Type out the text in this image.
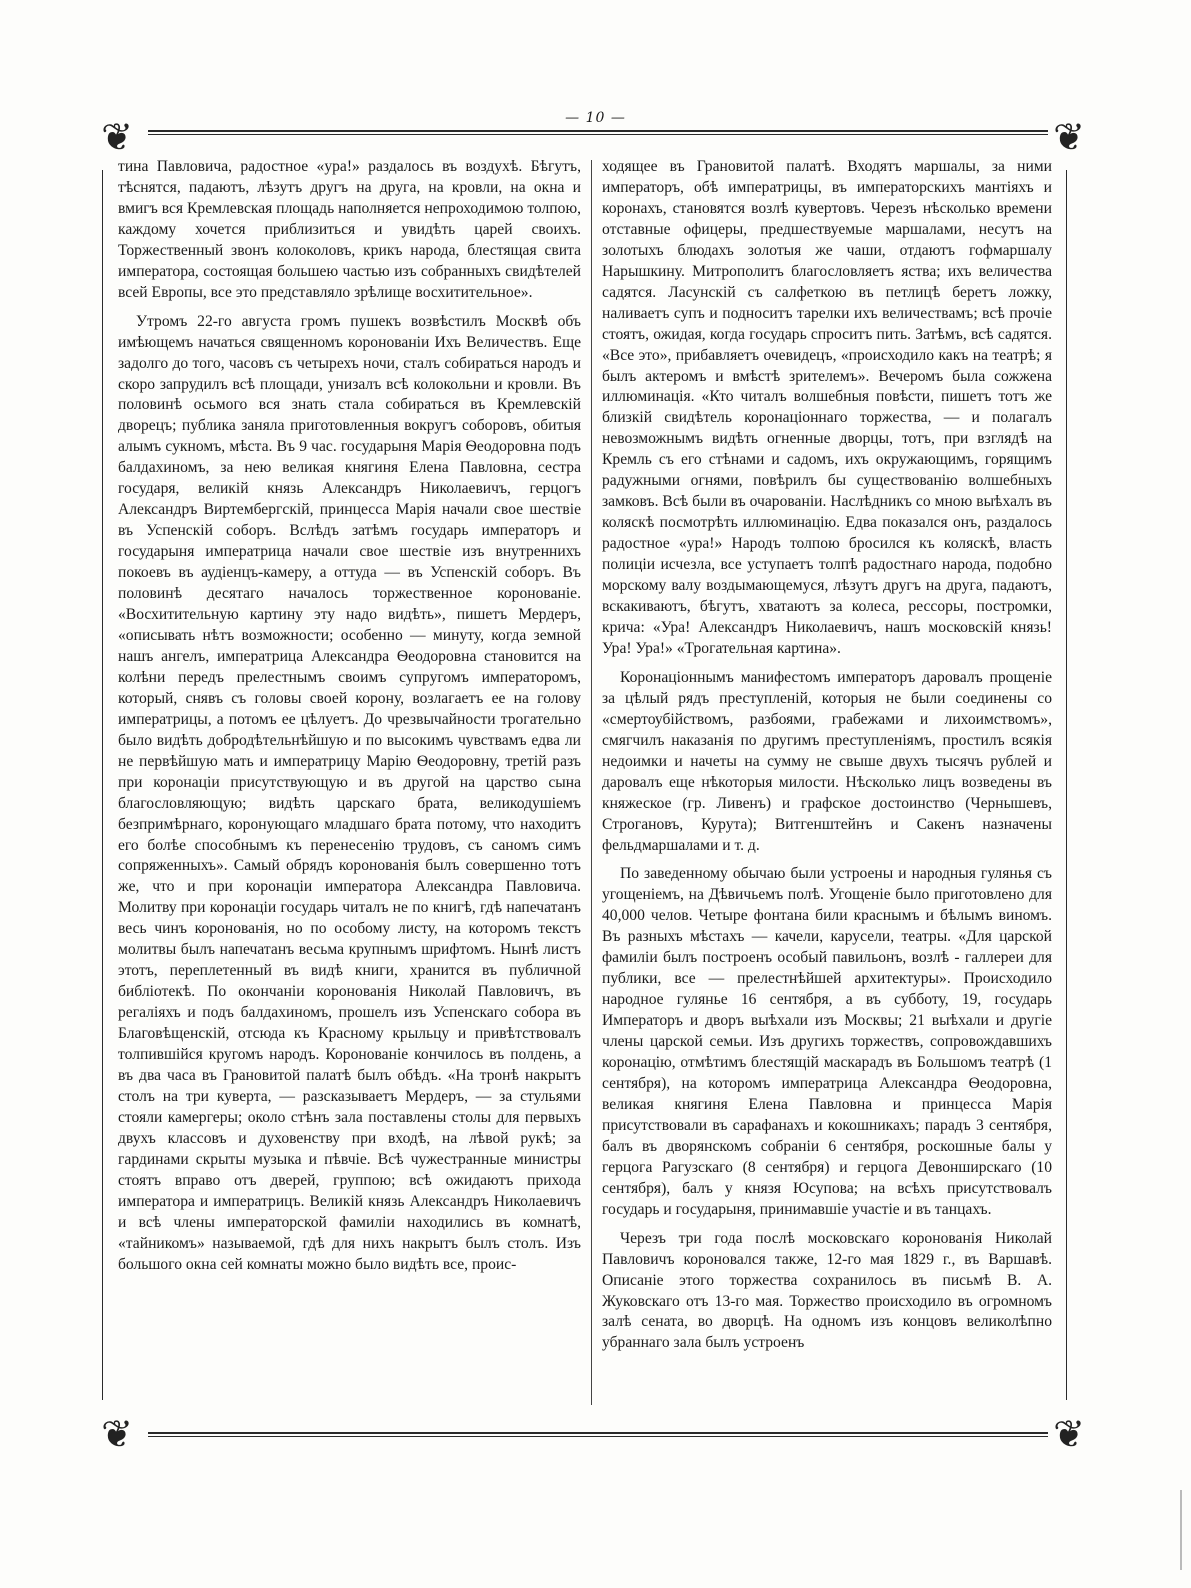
— 10 —
❦	❦
❦	❦

тина Павловича, радостное «ура!» раздалось въ воздухѣ. Бѣгутъ, тѣснятся, падаютъ, лѣзутъ другъ на друга, на кровли, на окна и вмигъ вся Кремлевская площадь наполняется непроходимою толпою, каждому хочется приблизиться и увидѣть царей своихъ. Торжественный звонъ колоколовъ, крикъ народа, блестящая свита императора, состоящая большею частью изъ собранныхъ свидѣтелей всей Европы, все это представляло зрѣлище восхитительное».

Утромъ 22-го августа громъ пушекъ возвѣстилъ Москвѣ объ имѣющемъ начаться священномъ коронованіи Ихъ Величествъ. Еще задолго до того, часовъ съ четырехъ ночи, сталъ собираться народъ и скоро запрудилъ всѣ площади, унизалъ всѣ колокольни и кровли. Въ половинѣ осьмого вся знать стала собираться въ Кремлевскій дворецъ; публика заняла приготовленныя вокругъ соборовъ, обитыя алымъ сукномъ, мѣста. Въ 9 час. государыня Марія Ѳеодоровна подъ балдахиномъ, за нею великая княгиня Елена Павловна, сестра государя, великій князь Александръ Николаевичъ, герцогъ Александръ Виртембергскій, принцесса Марія начали свое шествіе въ Успенскій соборъ. Вслѣдъ затѣмъ государь императоръ и государыня императрица начали свое шествіе изъ внутреннихъ покоевъ въ аудіенцъ-камеру, а оттуда — въ Успенскій соборъ. Въ половинѣ десятаго началось торжественное коронованіе. «Восхитительную картину эту надо видѣть», пишетъ Мердеръ, «описывать нѣтъ возможности; особенно — минуту, когда земной нашъ ангелъ, императрица Александра Ѳеодоровна становится на колѣни передъ прелестнымъ своимъ супругомъ императоромъ, который, снявъ съ головы своей корону, возлагаетъ ее на голову императрицы, а потомъ ее цѣлуетъ. До чрезвычайности трогательно было видѣть добродѣтельнѣйшую и по высокимъ чувствамъ едва ли не первѣйшую мать и императрицу Марію Ѳеодоровну, третій разъ при коронаціи присутствующую и въ другой на царство сына благословляющую; видѣть царскаго брата, великодушіемъ безпримѣрнаго, коронующаго младшаго брата потому, что находитъ его болѣе способнымъ къ перенесенію трудовъ, съ саномъ симъ сопряженныхъ». Самый обрядъ коронованія былъ совершенно тотъ же, что и при коронаціи императора Александра Павловича. Молитву при коронаціи государь читалъ не по книгѣ, гдѣ напечатанъ весь чинъ коронованія, но по особому листу, на которомъ текстъ молитвы былъ напечатанъ весьма крупнымъ шрифтомъ. Нынѣ листъ этотъ, переплетенный въ видѣ книги, хранится въ публичной библіотекѣ. По окончаніи коронованія Николай Павловичъ, въ регаліяхъ и подъ балдахиномъ, прошелъ изъ Успенскаго собора въ Благовѣщенскій, отсюда къ Красному крыльцу и привѣтствовалъ толпившійся кругомъ народъ. Коронованіе кончилось въ полдень, а въ два часа въ Грановитой палатѣ былъ обѣдъ. «На тронѣ накрытъ столъ на три куверта, — разсказываетъ Мердеръ, — за стульями стояли камергеры; около стѣнъ зала поставлены столы для первыхъ двухъ классовъ и духовенству при входѣ, на лѣвой рукѣ; за гардинами скрыты музыка и пѣвчіе. Всѣ чужестранные министры стоятъ вправо отъ дверей, группою; всѣ ожидаютъ прихода императора и императрицъ. Великій князь Александръ Николаевичъ и всѣ члены императорской фамиліи находились въ комнатѣ, «тайникомъ» называемой, гдѣ для нихъ накрытъ былъ столъ. Изъ большого окна сей комнаты можно было видѣть все, проис-

ходящее въ Грановитой палатѣ. Входятъ маршалы, за ними императоръ, обѣ императрицы, въ императорскихъ мантіяхъ и коронахъ, становятся возлѣ кувертовъ. Черезъ нѣсколько времени отставные офицеры, предшествуемые маршалами, несутъ на золотыхъ блюдахъ золотыя же чаши, отдаютъ гофмаршалу Нарышкину. Митрополитъ благословляетъ яства; ихъ величества садятся. Ласунскій съ салфеткою въ петлицѣ беретъ ложку, наливаетъ супъ и подноситъ тарелки ихъ величествамъ; всѣ прочіе стоятъ, ожидая, когда государь спроситъ пить. Затѣмъ, всѣ садятся. «Все это», прибавляетъ очевидецъ, «происходило какъ на театрѣ; я былъ актеромъ и вмѣстѣ зрителемъ». Вечеромъ была сожжена иллюминація. «Кто читалъ волшебныя повѣсти, пишетъ тотъ же близкій свидѣтель коронаціоннаго торжества, — и полагалъ невозможнымъ видѣть огненные дворцы, тотъ, при взглядѣ на Кремль съ его стѣнами и садомъ, ихъ окружающимъ, горящимъ радужными огнями, повѣрилъ бы существованію волшебныхъ замковъ. Всѣ были въ очарованіи. Наслѣдникъ со мною выѣхалъ въ коляскѣ посмотрѣть иллюминацію. Едва показался онъ, раздалось радостное «ура!» Народъ толпою бросился къ коляскѣ, власть полиціи исчезла, все уступаетъ толпѣ радостнаго народа, подобно морскому валу воздымающемуся, лѣзутъ другъ на друга, падаютъ, вскакиваютъ, бѣгутъ, хватаютъ за колеса, рессоры, постромки, крича: «Ура! Александръ Николаевичъ, нашъ московскій князь! Ура! Ура!» «Трогательная картина».

Коронаціоннымъ манифестомъ императоръ даровалъ прощеніе за цѣлый рядъ преступленій, которыя не были соединены со «смертоубійствомъ, разбоями, грабежами и лихоимствомъ», смягчилъ наказанія по другимъ преступленіямъ, простилъ всякія недоимки и начеты на сумму не свыше двухъ тысячъ рублей и даровалъ еще нѣкоторыя милости. Нѣсколько лицъ возведены въ княжеское (гр. Ливенъ) и графское достоинство (Чернышевъ, Строгановъ, Курута); Витгенштейнъ и Сакенъ назначены фельдмаршалами и т. д.

По заведенному обычаю были устроены и народныя гулянья съ угощеніемъ, на Дѣвичьемъ полѣ. Угощеніе было приготовлено для 40,000 челов. Четыре фонтана били краснымъ и бѣлымъ виномъ. Въ разныхъ мѣстахъ — качели, карусели, театры. «Для царской фамиліи былъ построенъ особый павильонъ, возлѣ - галлереи для публики, все — прелестнѣйшей архитектуры». Происходило народное гулянье 16 сентября, а въ субботу, 19, государь Императоръ и дворъ выѣхали изъ Москвы; 21 выѣхали и другіе члены царской семьи. Изъ другихъ торжествъ, сопровождавшихъ коронацію, отмѣтимъ блестящій маскарадъ въ Большомъ театрѣ (1 сентября), на которомъ императрица Александра Ѳеодоровна, великая княгиня Елена Павловна и принцесса Марія присутствовали въ сарафанахъ и кокошникахъ; парадъ 3 сентября, балъ въ дворянскомъ собраніи 6 сентября, роскошные балы у герцога Рагузскаго (8 сентября) и герцога Девонширскаго (10 сентября), балъ у князя Юсупова; на всѣхъ присутствовалъ государь и государыня, принимавшіе участіе и въ танцахъ.

Черезъ три года послѣ московскаго коронованія Николай Павловичъ короновался также, 12-го мая 1829 г., въ Варшавѣ. Описаніе этого торжества сохранилось въ письмѣ В. А. Жуковскаго отъ 13-го мая. Торжество происходило въ огромномъ залѣ сената, во дворцѣ. На одномъ изъ концовъ великолѣпно убраннаго зала былъ устроенъ
